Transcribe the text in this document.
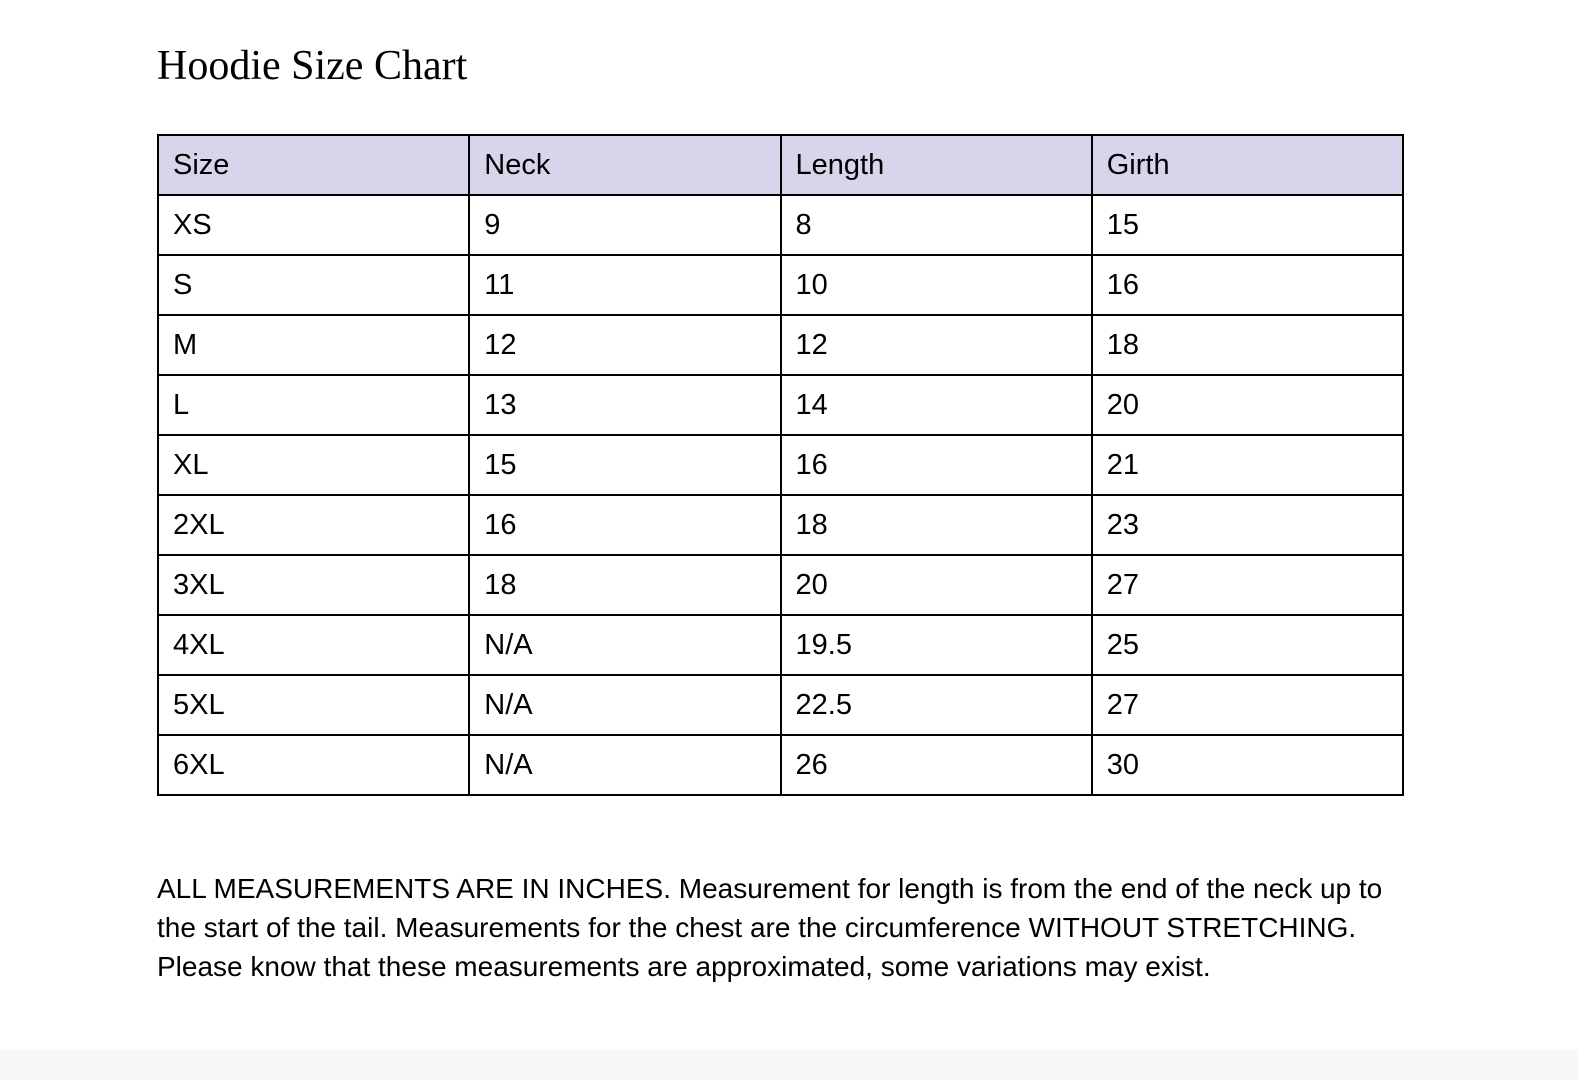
Hoodie Size Chart
Size	Neck	Length	Girth
XS	9	8	15
S	11	10	16
M	12	12	18
L	13	14	20
XL	15	16	21
2XL	16	18	23
3XL	18	20	27
4XL	N/A	19.5	25
5XL	N/A	22.5	27
6XL	N/A	26	30

ALL MEASUREMENTS ARE IN INCHES. Measurement for length is from the end of the neck up to the start of the tail. Measurements for the chest are the circumference WITHOUT STRETCHING. Please know that these measurements are approximated, some variations may exist.
